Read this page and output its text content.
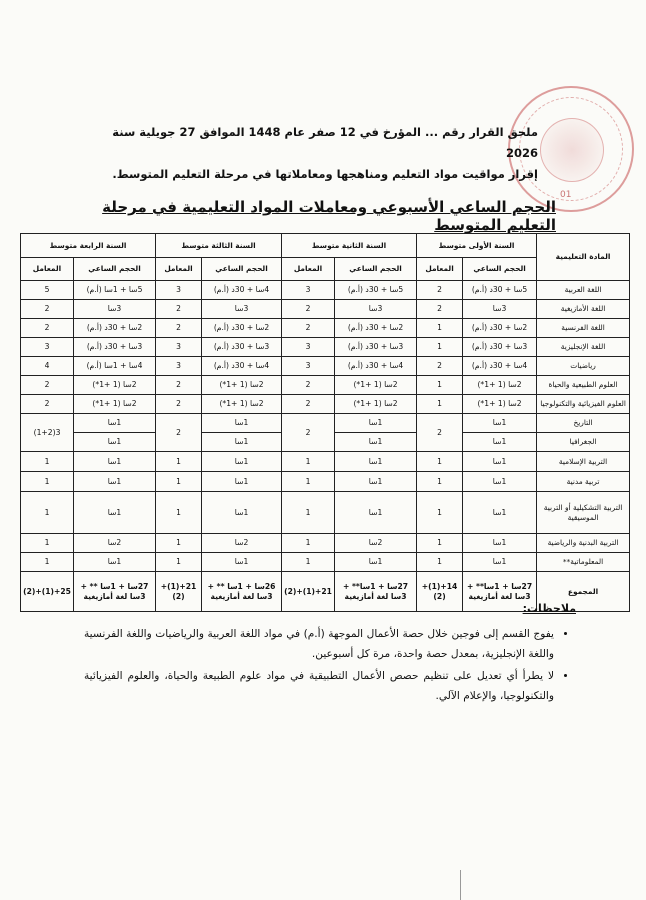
01
ملحق القرار رقم ... المؤرخ في 12 صفر عام 1448 الموافق 27 جويلية سنة 2026
إقرار مواقيت مواد التعليم ومناهجها ومعاملاتها في مرحلة التعليم المتوسط.
الحجم الساعي الأسبوعي ومعاملات المواد التعليمية في مرحلة التعليم المتوسط
المادة التعليمية	السنة الأولى متوسط		السنة الثانية متوسط		السنة الثالثة متوسط		السنة الرابعة متوسط	
	الحجم الساعي	المعامل	الحجم الساعي	المعامل	الحجم الساعي	المعامل	الحجم الساعي	المعامل
اللغة العربية	5سا + 30د (أ.م)	2	5سا + 30د (أ.م)	3	4سا + 30د (أ.م)	3	5سا + 1سا (أ.م)	5
اللغة الأمازيغية	3سا	2	3سا	2	3سا	2	3سا	2
اللغة الفرنسية	2سا + 30د (أ.م)	1	2سا + 30د (أ.م)	2	2سا + 30د (أ.م)	2	2سا + 30د (أ.م)	2
اللغة الإنجليزية	3سا + 30د (أ.م)	1	3سا + 30د (أ.م)	3	3سا + 30د (أ.م)	3	3سا + 30د (أ.م)	3
رياضيات	4سا + 30د (أ.م)	2	4سا + 30د (أ.م)	3	4سا + 30د (أ.م)	3	4سا + 1سا (أ.م)	4
العلوم الطبيعية والحياة	2سا (1 +1*)	1	2سا (1 +1*)	2	2سا (1 +1*)	2	2سا (1 +1*)	2
العلوم الفيزيائية والتكنولوجيا	2سا (1 +1*)	1	2سا (1 +1*)	2	2سا (1 +1*)	2	2سا (1 +1*)	2
التاريخ	1سا	2	1سا	2	1سا	2	1سا	3(1+2)
الجغرافيا	1سا		1سا		1سا		1سا	
التربية الإسلامية	1سا	1	1سا	1	1سا	1	1سا	1
تربية مدنية	1سا	1	1سا	1	1سا	1	1سا	1
التربية التشكيلية أو التربية الموسيقية	1سا	1	1سا	1	1سا	1	1سا	1
التربية البدنية والرياضية	1سا	1	2سا	1	2سا	1	2سا	1
المعلوماتية**	1سا	1	1سا	1	1سا	1	1سا	1
المجموع	27سا + 1سا** + 3سا لغة أمازيغية	14+(1)+(2)	27سا + 1سا** + 3سا لغة أمازيغية	21+(1)+(2)	26سا + 1سا ** + 3سا لغة أمازيغية	21+(1)+(2)	27سا + 1سا ** + 3سا لغة أمازيغية	25+(1)+(2)
ملاحظات:
• يفوج القسم إلى فوجين خلال حصة الأعمال الموجهة (أ.م) في مواد اللغة العربية والرياضيات واللغة الفرنسية واللغة الإنجليزية، بمعدل حصة واحدة، مرة كل أسبوعين.
• لا يطرأ أي تعديل على تنظيم حصص الأعمال التطبيقية في مواد علوم الطبيعة والحياة، والعلوم الفيزيائية والتكنولوجيا، والإعلام الآلي.
